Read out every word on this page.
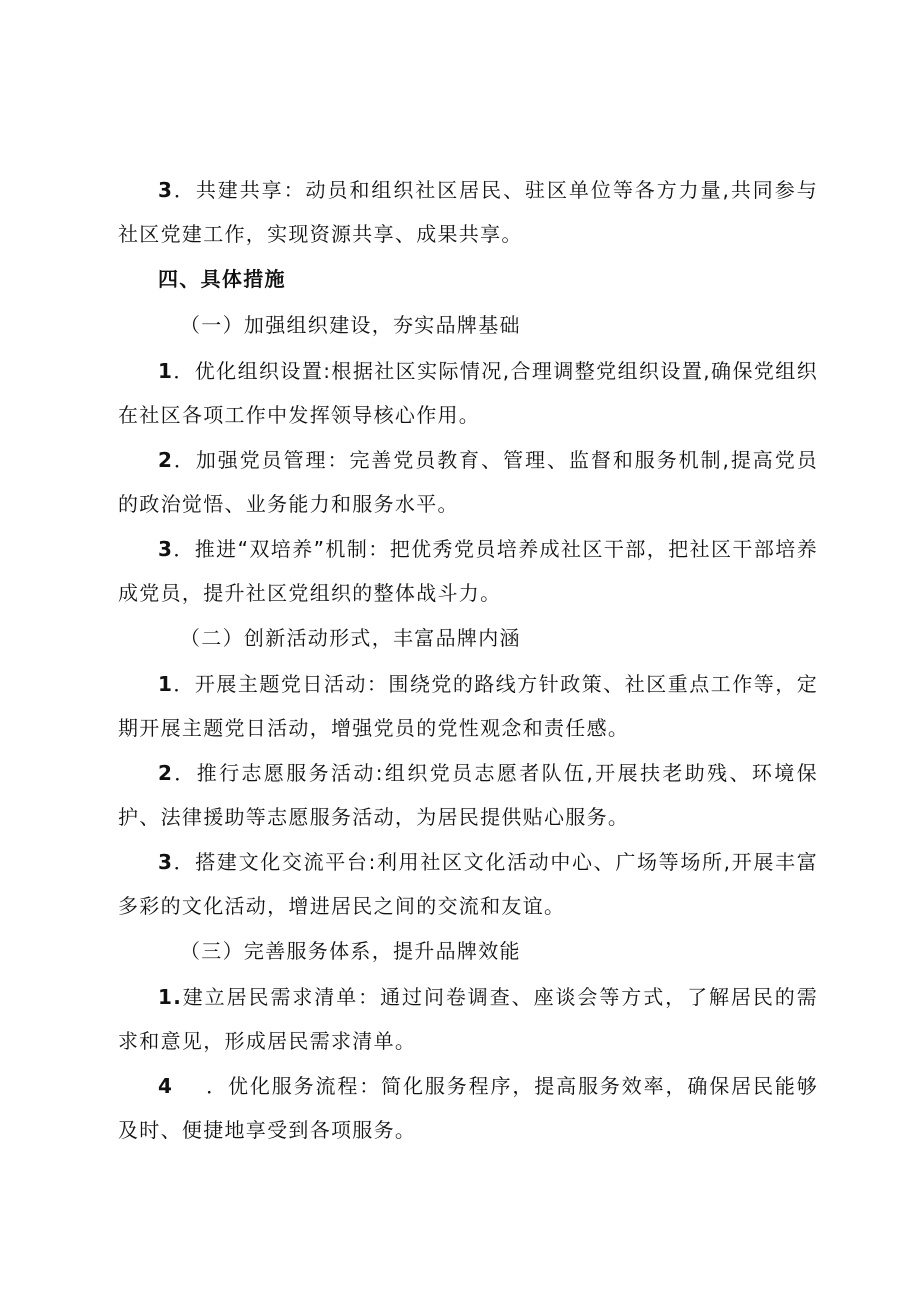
3．共建共享：动员和组织社区居民、驻区单位等各方力量,共同参与社区党建工作，实现资源共享、成果共享。

四、具体措施

（一）加强组织建设，夯实品牌基础

1．优化组织设置:根据社区实际情况,合理调整党组织设置,确保党组织在社区各项工作中发挥领导核心作用。

2．加强党员管理：完善党员教育、管理、监督和服务机制,提高党员的政治觉悟、业务能力和服务水平。

3．推进“双培养”机制：把优秀党员培养成社区干部，把社区干部培养成党员，提升社区党组织的整体战斗力。

（二）创新活动形式，丰富品牌内涵

1．开展主题党日活动：围绕党的路线方针政策、社区重点工作等，定期开展主题党日活动，增强党员的党性观念和责任感。

2．推行志愿服务活动:组织党员志愿者队伍,开展扶老助残、环境保护、法律援助等志愿服务活动，为居民提供贴心服务。

3．搭建文化交流平台:利用社区文化活动中心、广场等场所,开展丰富多彩的文化活动，增进居民之间的交流和友谊。

（三）完善服务体系，提升品牌效能

1.建立居民需求清单：通过问卷调查、座谈会等方式，了解居民的需求和意见，形成居民需求清单。

4    ．优化服务流程：简化服务程序，提高服务效率，确保居民能够及时、便捷地享受到各项服务。
